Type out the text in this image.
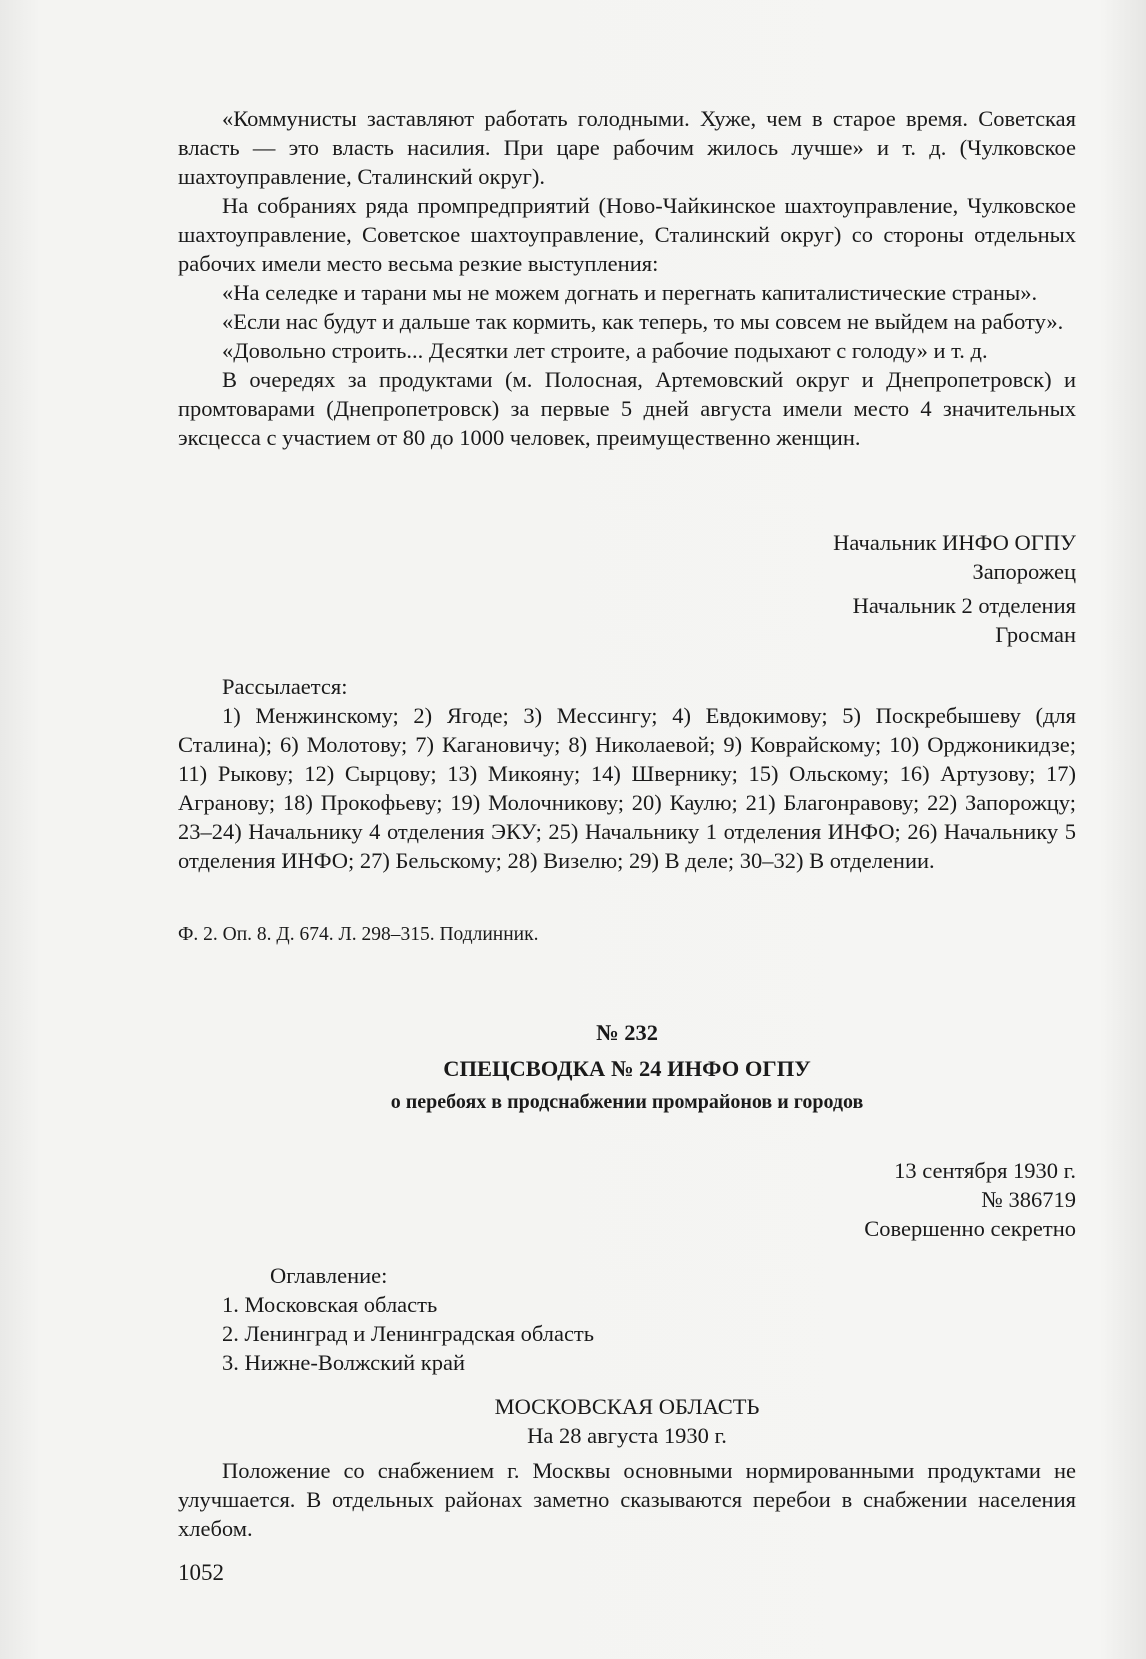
«Коммунисты заставляют работать голодными. Хуже, чем в старое время. Советская власть — это власть насилия. При царе рабочим жилось лучше» и т. д. (Чулковское шахтоуправление, Сталинский округ).

На собраниях ряда промпредприятий (Ново-Чайкинское шахтоуправление, Чулковское шахтоуправление, Советское шахтоуправление, Сталинский округ) со стороны отдельных рабочих имели место весьма резкие выступления:

«На селедке и тарани мы не можем догнать и перегнать капиталистические страны».

«Если нас будут и дальше так кормить, как теперь, то мы совсем не выйдем на работу».

«Довольно строить... Десятки лет строите, а рабочие подыхают с голоду» и т. д.

В очередях за продуктами (м. Полосная, Артемовский округ и Днепропетровск) и промтоварами (Днепропетровск) за первые 5 дней августа имели место 4 значительных эксцесса с участием от 80 до 1000 человек, преимущественно женщин.

Начальник ИНФО ОГПУ

Запорожец

Начальник 2 отделения

Гросман

Рассылается:

1) Менжинскому; 2) Ягоде; 3) Мессингу; 4) Евдокимову; 5) Поскребышеву (для Сталина); 6) Молотову; 7) Кагановичу; 8) Николаевой; 9) Коврайскому; 10) Орджоникидзе; 11) Рыкову; 12) Сырцову; 13) Микояну; 14) Швернику; 15) Ольскому; 16) Артузову; 17) Агранову; 18) Прокофьеву; 19) Молочникову; 20) Каулю; 21) Благонравову; 22) Запорожцу; 23–24) Начальнику 4 отделения ЭКУ; 25) Начальнику 1 отделения ИНФО; 26) Начальнику 5 отделения ИНФО; 27) Бельскому; 28) Визелю; 29) В деле; 30–32) В отделении.

Ф. 2. Оп. 8. Д. 674. Л. 298–315. Подлинник.

№ 232

СПЕЦСВОДКА № 24 ИНФО ОГПУ

о перебоях в продснабжении промрайонов и городов

13 сентября 1930 г.

№ 386719

Совершенно секретно

Оглавление:

1. Московская область

2. Ленинград и Ленинградская область

3. Нижне-Волжский край

МОСКОВСКАЯ ОБЛАСТЬ

На 28 августа 1930 г.

Положение со снабжением г. Москвы основными нормированными продуктами не улучшается. В отдельных районах заметно сказываются перебои в снабжении населения хлебом.

1052
